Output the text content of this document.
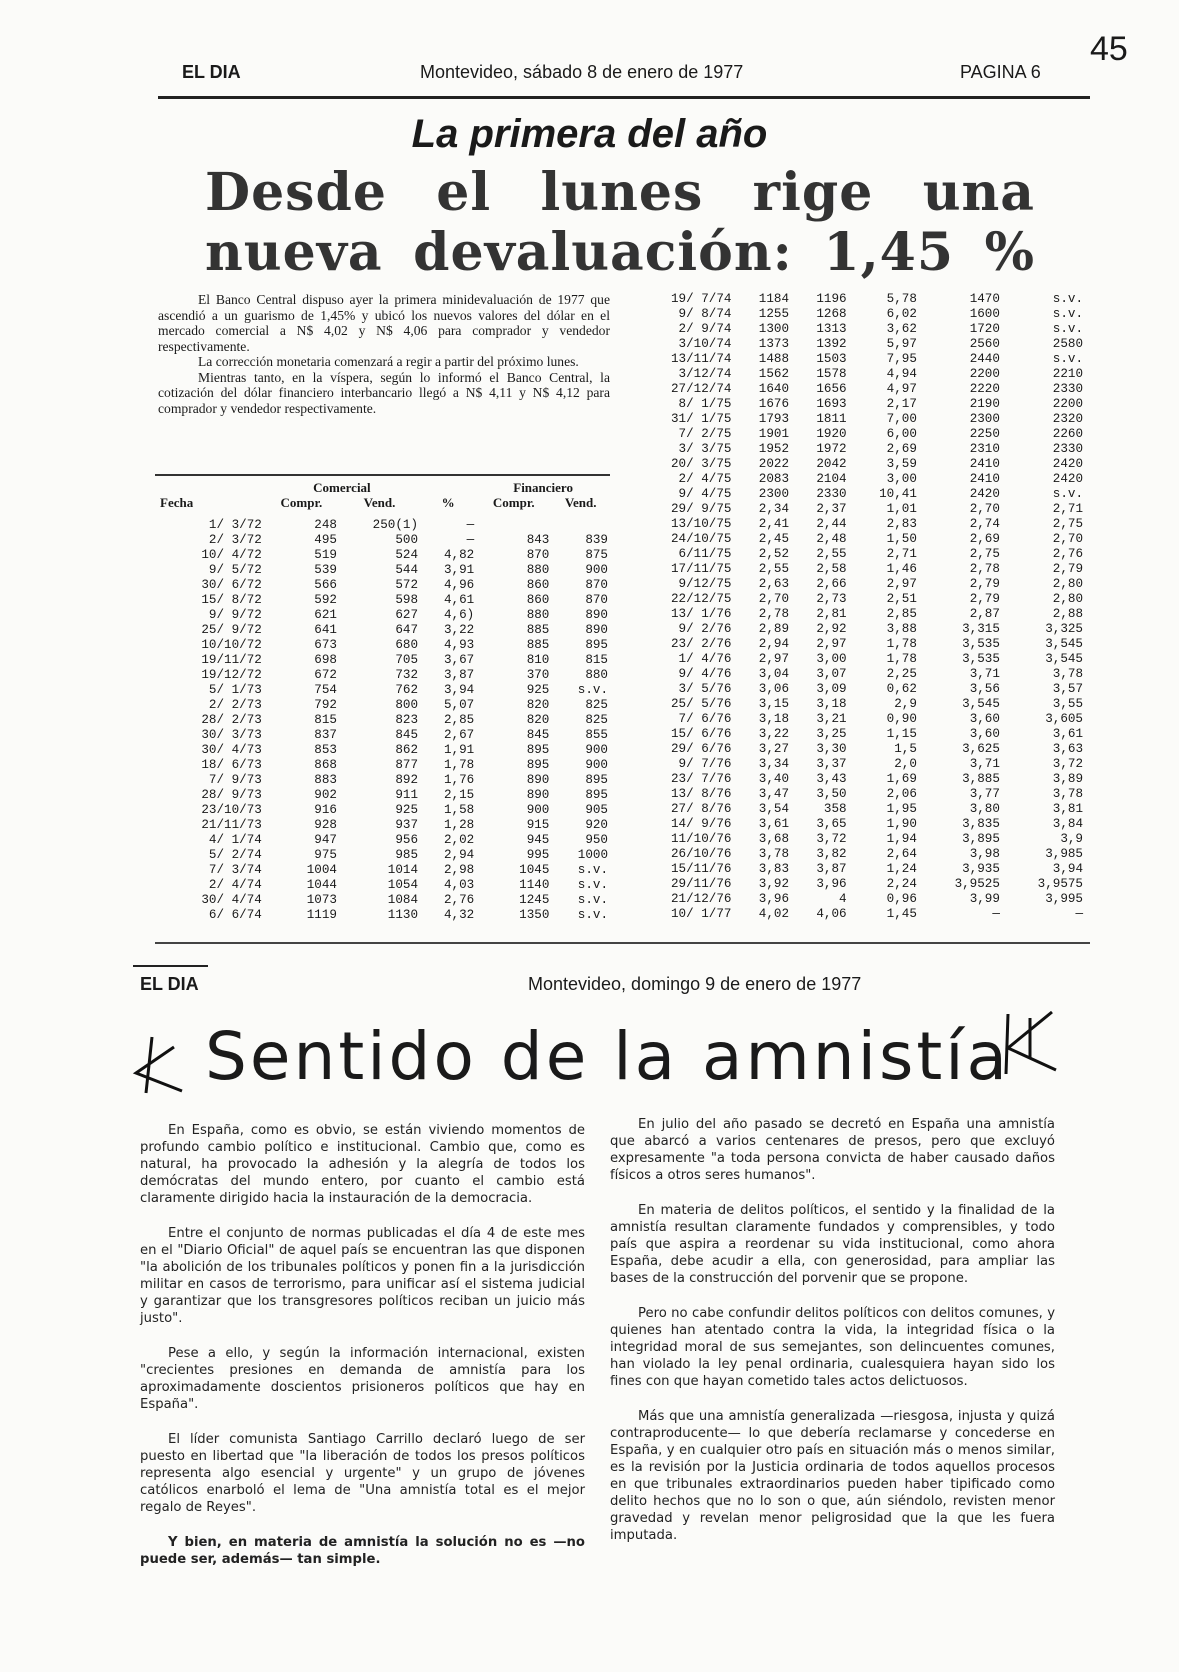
45
EL DIA	Montevideo, sábado 8 de enero de 1977	PAGINA 6
La primera del año
Desde el lunes rige una
nueva devaluación: 1,45 %

El Banco Central dispuso ayer la primera minidevaluación de 1977 que ascendió a un guarismo de 1,45% y ubicó los nuevos valores del dólar en el mercado comercial a N$ 4,02 y N$ 4,06 para comprador y vendedor respectivamente.

La corrección monetaria comenzará a regir a partir del próximo lunes.

Mientras tanto, en la víspera, según lo informó el Banco Central, la cotización del dólar financiero interbancario llegó a N$ 4,11 y N$ 4,12 para comprador y vendedor respectivamente.

	Comercial			Financiero	
Fecha	Compr.	Vend.	%	Compr.	Vend.

1/ 3/72	248	250(1)	—		
2/ 3/72	495	500	—	843	839
10/ 4/72	519	524	4,82	870	875
9/ 5/72	539	544	3,91	880	900
30/ 6/72	566	572	4,96	860	870
15/ 8/72	592	598	4,61	860	870
9/ 9/72	621	627	4,6)	880	890
25/ 9/72	641	647	3,22	885	890
10/10/72	673	680	4,93	885	895
19/11/72	698	705	3,67	810	815
19/12/72	672	732	3,87	370	880
5/ 1/73	754	762	3,94	925	s.v.
2/ 2/73	792	800	5,07	820	825
28/ 2/73	815	823	2,85	820	825
30/ 3/73	837	845	2,67	845	855
30/ 4/73	853	862	1,91	895	900
18/ 6/73	868	877	1,78	895	900
7/ 9/73	883	892	1,76	890	895
28/ 9/73	902	911	2,15	890	895
23/10/73	916	925	1,58	900	905
21/11/73	928	937	1,28	915	920
4/ 1/74	947	956	2,02	945	950
5/ 2/74	975	985	2,94	995	1000
7/ 3/74	1004	1014	2,98	1045	s.v.
2/ 4/74	1044	1054	4,03	1140	s.v.
30/ 4/74	1073	1084	2,76	1245	s.v.
6/ 6/74	1119	1130	4,32	1350	s.v.
19/ 7/74	1184	1196	5,78	1470	s.v.
9/ 8/74	1255	1268	6,02	1600	s.v.
2/ 9/74	1300	1313	3,62	1720	s.v.
3/10/74	1373	1392	5,97	2560	2580
13/11/74	1488	1503	7,95	2440	s.v.
3/12/74	1562	1578	4,94	2200	2210
27/12/74	1640	1656	4,97	2220	2330
8/ 1/75	1676	1693	2,17	2190	2200
31/ 1/75	1793	1811	7,00	2300	2320
7/ 2/75	1901	1920	6,00	2250	2260
3/ 3/75	1952	1972	2,69	2310	2330
20/ 3/75	2022	2042	3,59	2410	2420
2/ 4/75	2083	2104	3,00	2410	2420
9/ 4/75	2300	2330	10,41	2420	s.v.
29/ 9/75	2,34	2,37	1,01	2,70	2,71
13/10/75	2,41	2,44	2,83	2,74	2,75
24/10/75	2,45	2,48	1,50	2,69	2,70
6/11/75	2,52	2,55	2,71	2,75	2,76
17/11/75	2,55	2,58	1,46	2,78	2,79
9/12/75	2,63	2,66	2,97	2,79	2,80
22/12/75	2,70	2,73	2,51	2,79	2,80
13/ 1/76	2,78	2,81	2,85	2,87	2,88
9/ 2/76	2,89	2,92	3,88	3,315	3,325
23/ 2/76	2,94	2,97	1,78	3,535	3,545
1/ 4/76	2,97	3,00	1,78	3,535	3,545
9/ 4/76	3,04	3,07	2,25	3,71	3,78
3/ 5/76	3,06	3,09	0,62	3,56	3,57
25/ 5/76	3,15	3,18	2,9	3,545	3,55
7/ 6/76	3,18	3,21	0,90	3,60	3,605
15/ 6/76	3,22	3,25	1,15	3,60	3,61
29/ 6/76	3,27	3,30	1,5	3,625	3,63
9/ 7/76	3,34	3,37	2,0	3,71	3,72
23/ 7/76	3,40	3,43	1,69	3,885	3,89
13/ 8/76	3,47	3,50	2,06	3,77	3,78
27/ 8/76	3,54	358	1,95	3,80	3,81
14/ 9/76	3,61	3,65	1,90	3,835	3,84
11/10/76	3,68	3,72	1,94	3,895	3,9
26/10/76	3,78	3,82	2,64	3,98	3,985
15/11/76	3,83	3,87	1,24	3,935	3,94
29/11/76	3,92	3,96	2,24	3,9525	3,9575
21/12/76	3,96	4	0,96	3,99	3,995
10/ 1/77	4,02	4,06	1,45	—	—
EL DIA	Montevideo, domingo 9 de enero de 1977
Sentido de la amnistía

En España, como es obvio, se están viviendo momentos de profundo cambio político e institucional. Cambio que, como es natural, ha provocado la adhesión y la alegría de todos los demócratas del mundo entero, por cuanto el cambio está claramente dirigido hacia la instauración de la democracia.

Entre el conjunto de normas publicadas el día 4 de este mes en el "Diario Oficial" de aquel país se encuentran las que disponen "la abolición de los tribunales políticos y ponen fin a la jurisdicción militar en casos de terrorismo, para unificar así el sistema judicial y garantizar que los transgresores políticos reciban un juicio más justo".

Pese a ello, y según la información internacional, existen "crecientes presiones en demanda de amnistía para los aproximadamente doscientos prisioneros políticos que hay en España".

El líder comunista Santiago Carrillo declaró luego de ser puesto en libertad que "la liberación de todos los presos políticos representa algo esencial y urgente" y un grupo de jóvenes católicos enarboló el lema de "Una amnistía total es el mejor regalo de Reyes".

Y bien, en materia de amnistía la solución no es —no puede ser, además— tan simple.

En julio del año pasado se decretó en España una amnistía que abarcó a varios centenares de presos, pero que excluyó expresamente "a toda persona convicta de haber causado daños físicos a otros seres humanos".

En materia de delitos políticos, el sentido y la finalidad de la amnistía resultan claramente fundados y comprensibles, y todo país que aspira a reordenar su vida institucional, como ahora España, debe acudir a ella, con generosidad, para ampliar las bases de la construcción del porvenir que se propone.

Pero no cabe confundir delitos políticos con delitos comunes, y quienes han atentado contra la vida, la integridad física o la integridad moral de sus semejantes, son delincuentes comunes, han violado la ley penal ordinaria, cualesquiera hayan sido los fines con que hayan cometido tales actos delictuosos.

Más que una amnistía generalizada —riesgosa, injusta y quizá contraproducente— lo que debería reclamarse y concederse en España, y en cualquier otro país en situación más o menos similar, es la revisión por la Justicia ordinaria de todos aquellos procesos en que tribunales extraordinarios pueden haber tipificado como delito hechos que no lo son o que, aún siéndolo, revisten menor gravedad y revelan menor peligrosidad que la que les fuera imputada.
